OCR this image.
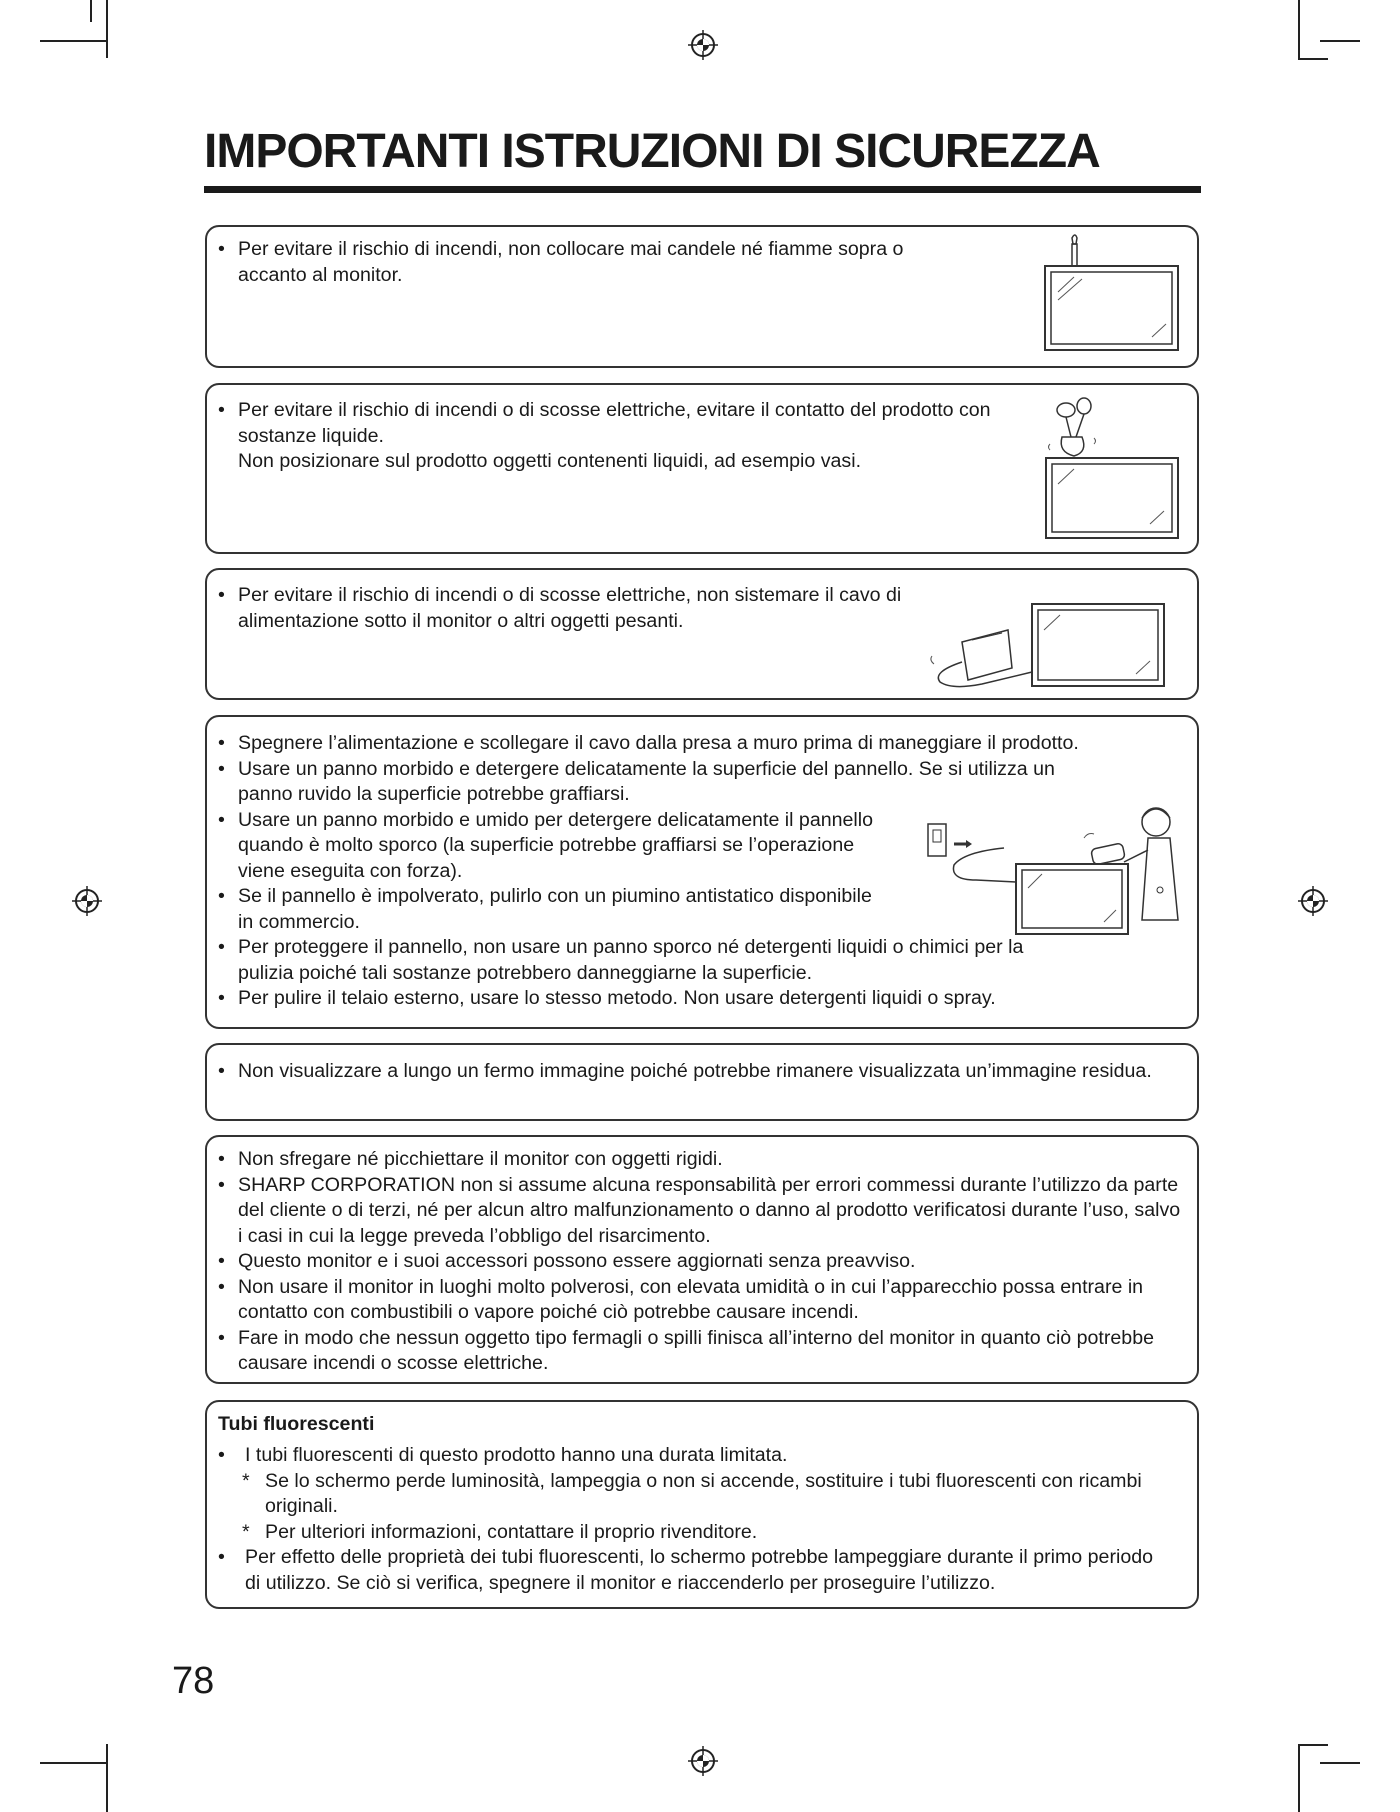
IMPORTANTI ISTRUZIONI DI SICUREZZA
• Per evitare il rischio di incendi, non collocare mai candele né fiamme sopra o accanto al monitor.
• Per evitare il rischio di incendi o di scosse elettriche, evitare il contatto del prodotto con sostanze liquide.
Non posizionare sul prodotto oggetti contenenti liquidi, ad esempio vasi.
• Per evitare il rischio di incendi o di scosse elettriche, non sistemare il cavo di alimentazione sotto il monitor o altri oggetti pesanti.
• Spegnere l’alimentazione e scollegare il cavo dalla presa a muro prima di maneggiare il prodotto.
• Usare un panno morbido e detergere delicatamente la superficie del pannello. Se si utilizza un panno ruvido la superficie potrebbe graffiarsi.
• Usare un panno morbido e umido per detergere delicatamente il pannello quando è molto sporco (la superficie potrebbe graffiarsi se l’operazione viene eseguita con forza).
• Se il pannello è impolverato, pulirlo con un piumino antistatico disponibile in commercio.
• Per proteggere il pannello, non usare un panno sporco né detergenti liquidi o chimici per la pulizia poiché tali sostanze potrebbero danneggiarne la superficie.
• Per pulire il telaio esterno, usare lo stesso metodo. Non usare detergenti liquidi o spray.
• Non visualizzare a lungo un fermo immagine poiché potrebbe rimanere visualizzata un’immagine residua.
• Non sfregare né picchiettare il monitor con oggetti rigidi.
• SHARP CORPORATION non si assume alcuna responsabilità per errori commessi durante l’utilizzo da parte del cliente o di terzi, né per alcun altro malfunzionamento o danno al prodotto verificatosi durante l’uso, salvo i casi in cui la legge preveda l’obbligo del risarcimento.
• Questo monitor e i suoi accessori possono essere aggiornati senza preavviso.
• Non usare il monitor in luoghi molto polverosi, con elevata umidità o in cui l’apparecchio possa entrare in contatto con combustibili o vapore poiché ciò potrebbe causare incendi.
• Fare in modo che nessun oggetto tipo fermagli o spilli finisca all’interno del monitor in quanto ciò potrebbe causare incendi o scosse elettriche.
Tubi fluorescenti
• I tubi fluorescenti di questo prodotto hanno una durata limitata.
* Se lo schermo perde luminosità, lampeggia o non si accende, sostituire i tubi fluorescenti con ricambi originali.
* Per ulteriori informazioni, contattare il proprio rivenditore.
• Per effetto delle proprietà dei tubi fluorescenti, lo schermo potrebbe lampeggiare durante il primo periodo di utilizzo. Se ciò si verifica, spegnere il monitor e riaccenderlo per proseguire l’utilizzo.
78
